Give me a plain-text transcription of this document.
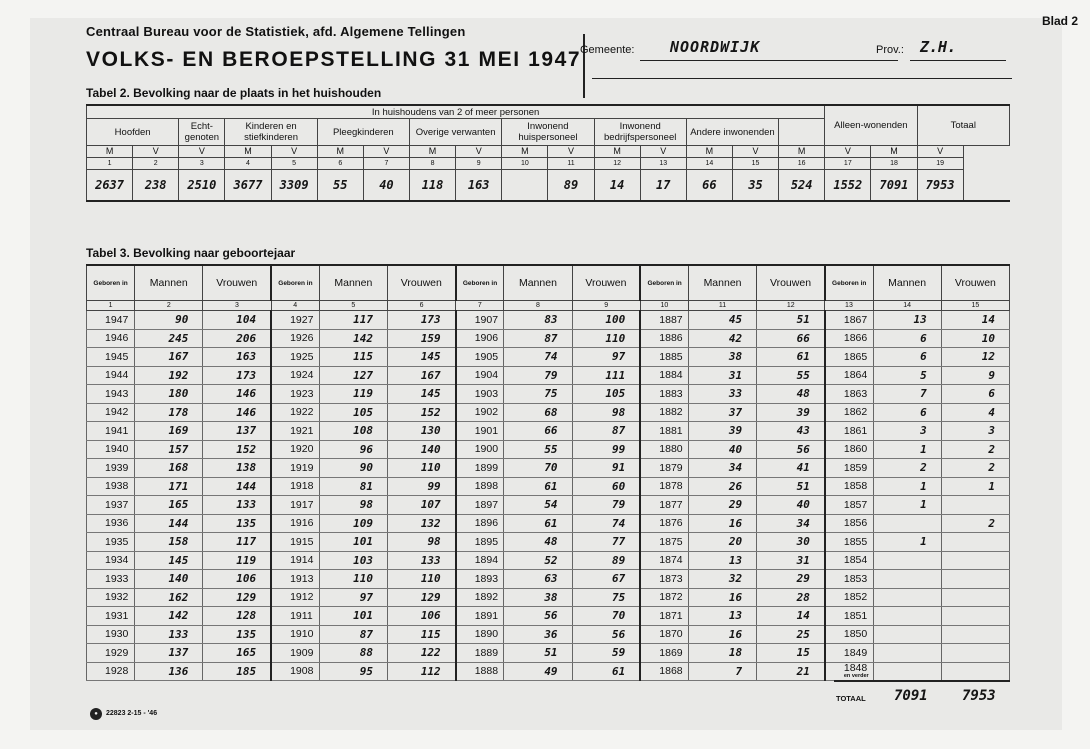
Centraal Bureau voor de Statistiek, afd. Algemene Tellingen
VOLKS- EN BEROEPSTELLING 31 MEI 1947
Blad 2
Gemeente: NOORDWIJK	Prov.: Z.H.
Tabel 2. Bevolking naar de plaats in het huishouden
In huishoudens van 2 of meer personen																Alleen-wonenden		Totaal
Hoofden		Echt-genoten	Kinderen en stiefkinderen		Pleegkinderen		Overige verwanten		Inwonend huispersoneel		Inwonend bedrijfspersoneel		Andere inwonenden					
M	V	V	M	V	M	V	M	V	M	V	M	V	M	V	M	V	M	V
1	2	3	4	5	6	7	8	9	10	11	12	13	14	15	16	17	18	19
2637	238	2510	3677	3309	55	40	118	163		89	14	17	66	35	524	1552	7091	7953
Tabel 3. Bevolking naar geboortejaar
Geboren in	Mannen	Vrouwen	Geboren in	Mannen	Vrouwen	Geboren in	Mannen	Vrouwen	Geboren in	Mannen	Vrouwen	Geboren in	Mannen	Vrouwen
1	2	3	4	5	6	7	8	9	10	11	12	13	14	15
1947	90	104	1927	117	173	1907	83	100	1887	45	51	1867	13	14
1946	245	206	1926	142	159	1906	87	110	1886	42	66	1866	6	10
1945	167	163	1925	115	145	1905	74	97	1885	38	61	1865	6	12
1944	192	173	1924	127	167	1904	79	111	1884	31	55	1864	5	9
1943	180	146	1923	119	145	1903	75	105	1883	33	48	1863	7	6
1942	178	146	1922	105	152	1902	68	98	1882	37	39	1862	6	4
1941	169	137	1921	108	130	1901	66	87	1881	39	43	1861	3	3
1940	157	152	1920	96	140	1900	55	99	1880	40	56	1860	1	2
1939	168	138	1919	90	110	1899	70	91	1879	34	41	1859	2	2
1938	171	144	1918	81	99	1898	61	60	1878	26	51	1858	1	1
1937	165	133	1917	98	107	1897	54	79	1877	29	40	1857	1	
1936	144	135	1916	109	132	1896	61	74	1876	16	34	1856		2
1935	158	117	1915	101	98	1895	48	77	1875	20	30	1855	1	
1934	145	119	1914	103	133	1894	52	89	1874	13	31	1854		
1933	140	106	1913	110	110	1893	63	67	1873	32	29	1853		
1932	162	129	1912	97	129	1892	38	75	1872	16	28	1852		
1931	142	128	1911	101	106	1891	56	70	1871	13	14	1851		
1930	133	135	1910	87	115	1890	36	56	1870	16	25	1850		
1929	137	165	1909	88	122	1889	51	59	1869	18	15	1849		
1928	136	185	1908	95	112	1888	49	61	1868	7	21	1848
en verder		

TOTAAL 7091 7953
●	22823 2-15 - '46
